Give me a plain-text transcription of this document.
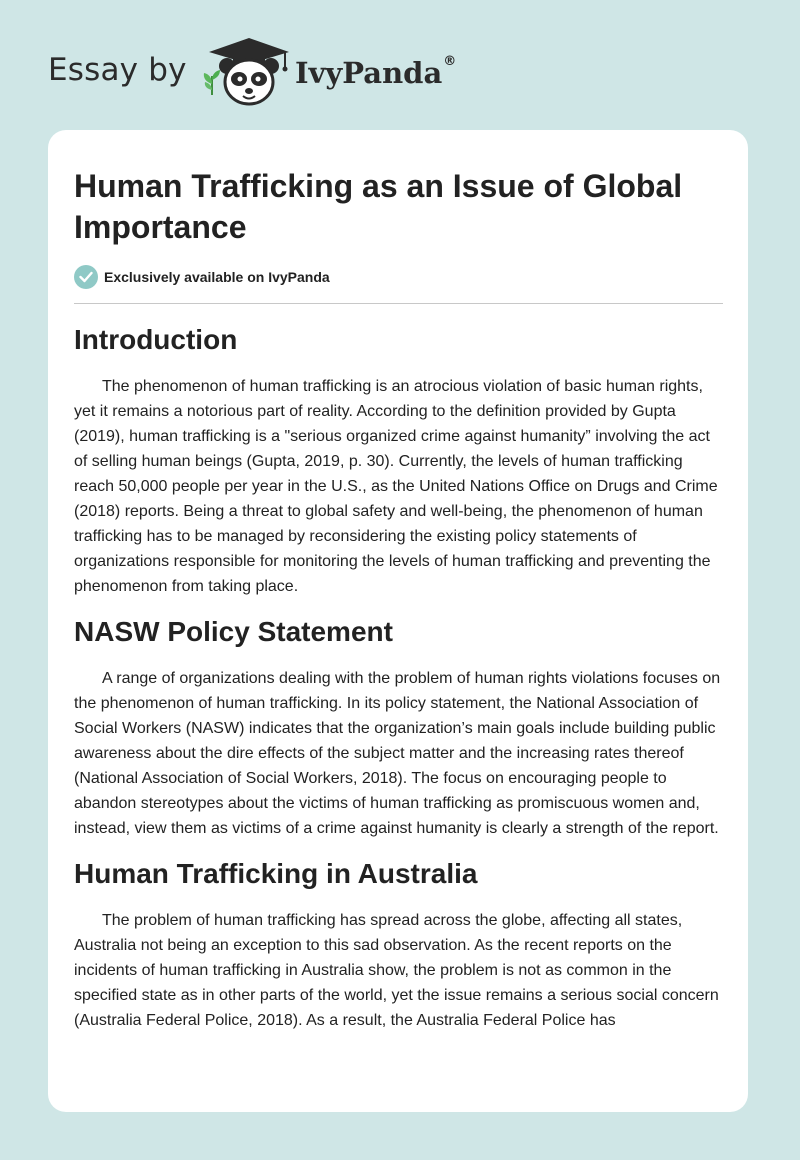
Essay by	IvyPanda®
Human Trafficking as an Issue of Global Importance
Exclusively available on IvyPanda
Introduction

The phenomenon of human trafficking is an atrocious violation of basic human rights, yet it remains a notorious part of reality. According to the definition provided by Gupta (2019), human trafficking is a "serious organized crime against humanity” involving the act of selling human beings (Gupta, 2019, p. 30). Currently, the levels of human trafficking reach 50,000 people per year in the U.S., as the United Nations Office on Drugs and Crime (2018) reports. Being a threat to global safety and well-being, the phenomenon of human trafficking has to be managed by reconsidering the existing policy statements of organizations responsible for monitoring the levels of human trafficking and preventing the phenomenon from taking place.

NASW Policy Statement

A range of organizations dealing with the problem of human rights violations focuses on the phenomenon of human trafficking. In its policy statement, the National Association of Social Workers (NASW) indicates that the organization’s main goals include building public awareness about the dire effects of the subject matter and the increasing rates thereof (National Association of Social Workers, 2018). The focus on encouraging people to abandon stereotypes about the victims of human trafficking as promiscuous women and, instead, view them as victims of a crime against humanity is clearly a strength of the report.

Human Trafficking in Australia

The problem of human trafficking has spread across the globe, affecting all states, Australia not being an exception to this sad observation. As the recent reports on the incidents of human trafficking in Australia show, the problem is not as common in the specified state as in other parts of the world, yet the issue remains a serious social concern (Australia Federal Police, 2018). As a result, the Australia Federal Police has
